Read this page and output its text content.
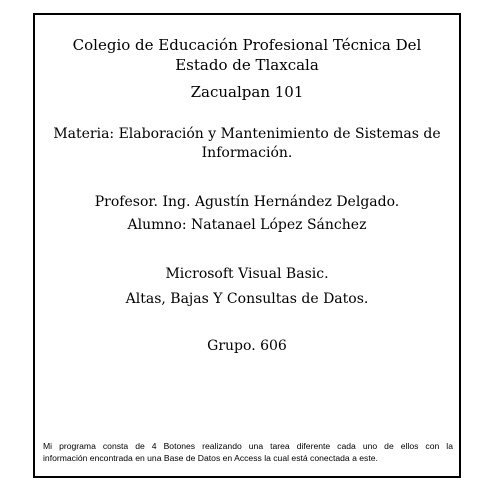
Colegio de Educación Profesional Técnica Del
Estado de Tlaxcala
Zacualpan 101
Materia: Elaboración y Mantenimiento de Sistemas de
Información.
Profesor. Ing. Agustín Hernández Delgado.
Alumno: Natanael López Sánchez
Microsoft Visual Basic.
Altas, Bajas Y Consultas de Datos.
Grupo. 606
Mi programa consta de 4 Botones realizando una tarea diferente cada uno de ellos con la
información encontrada en una Base de Datos en Access la cual está conectada a este.
